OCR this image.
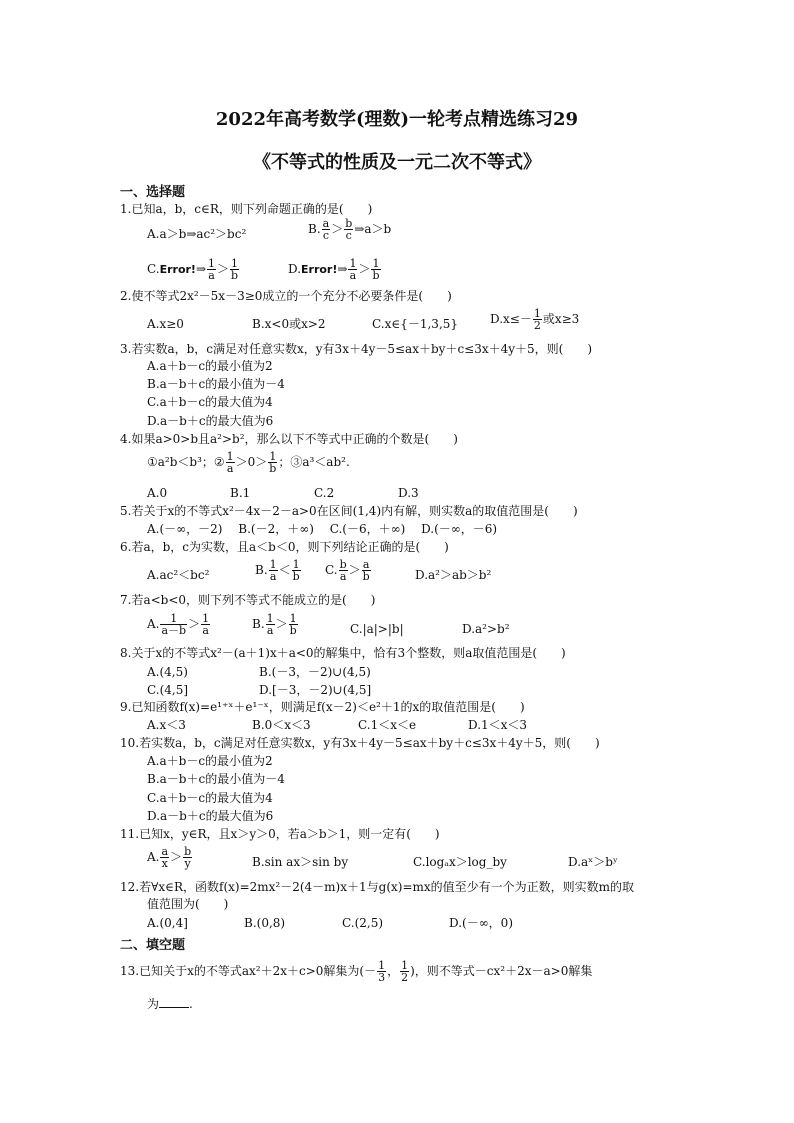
2022年高考数学(理数)一轮考点精选练习29
《不等式的性质及一元二次不等式》
一、选择题
1.已知a，b，c∈R，则下列命题正确的是(　　)
A.a＞b⇒ac²＞bc²	B. $\frac{a}{c} > \frac{b}{c}$ ⇒a＞b
C.Error!⇒ $\frac{1}{a} > \frac{1}{b}$	D.Error!⇒ $\frac{1}{a} > \frac{1}{b}$
2.使不等式2x²－5x－3≥0成立的一个充分不必要条件是(　　)
A.x≥0	B.x<0或x>2	C.x∈{－1,3,5}	$D.x\le- \frac{1}{2}$ 或x≥3
3.若实数a，b，c满足对任意实数x，y有3x＋4y－5≤ax＋by＋c≤3x＋4y＋5，则(　　)
A.a＋b－c的最小值为2
B.a－b＋c的最小值为－4
C.a＋b－c的最大值为4
D.a－b＋c的最大值为6
4.如果a>0>b且a²>b²，那么以下不等式中正确的个数是(　　)
①a²b＜b³；② $\frac{1}{a} >0> \frac{1}{b}$ ；③a³＜ab².
A.0	B.1	C.2	D.3
5.若关于x的不等式x²－4x－2－a>0在区间(1,4)内有解，则实数a的取值范围是(　　)
A.(－∞，－2)　 B.(－2，＋∞)　 C.(－6，＋∞)　 D.(－∞，－6)
6.若a，b，c为实数，且a＜b＜0，则下列结论正确的是(　　)
A.ac²＜bc²	B. $\frac{1}{a} < \frac{1}{b} C$. $\frac{b}{a} > \frac{a}{b}$	D.a²＞ab＞b²
7.若a<b<0，则下列不等式不能成立的是(　　)
A. $\frac{1}{a-b} > \frac{1}{a}$	B. $\frac{1}{a} > \frac{1}{b}$	C.|a|>|b|	D.a²>b²
8.关于x的不等式x²－(a＋1)x＋a<0的解集中，恰有3个整数，则a取值范围是(　　)
A.(4,5)	B.(－3，－2)∪(4,5)
C.(4,5]	D.[－3，－2)∪(4,5]
9.已知函数f(x)=e¹⁺ˣ＋e¹⁻ˣ，则满足f(x－2)＜e²＋1的x的取值范围是(　　)
A.x＜3	B.0＜x＜3	C.1＜x＜e	D.1＜x＜3
10.若实数a，b，c满足对任意实数x，y有3x＋4y－5≤ax＋by＋c≤3x＋4y＋5，则(　　)
A.a＋b－c的最小值为2
B.a－b＋c的最小值为－4
C.a＋b－c的最大值为4
D.a－b＋c的最大值为6
11.已知x，y∈R，且x＞y＞0，若a＞b＞1，则一定有(　　)
A. $\frac{a}{x} > \frac{b}{y}$	B.sin ax＞sin by	C.logₐx＞log_by	D.aˣ＞bʸ
12.若∀x∈R，函数f(x)=2mx²－2(4－m)x＋1与g(x)=mx的值至少有一个为正数，则实数m的取
值范围为(　　)
A.(0,4]	B.(0,8)	C.(2,5)	D.(－∞，0)
二、填空题
13.已知关于x的不等式ax²＋2x＋c>0解集为(－ $\frac{1}{3}$ ， $\frac{1}{2}$ )，则不等式－cx²＋2x－a>0解集
为	.
